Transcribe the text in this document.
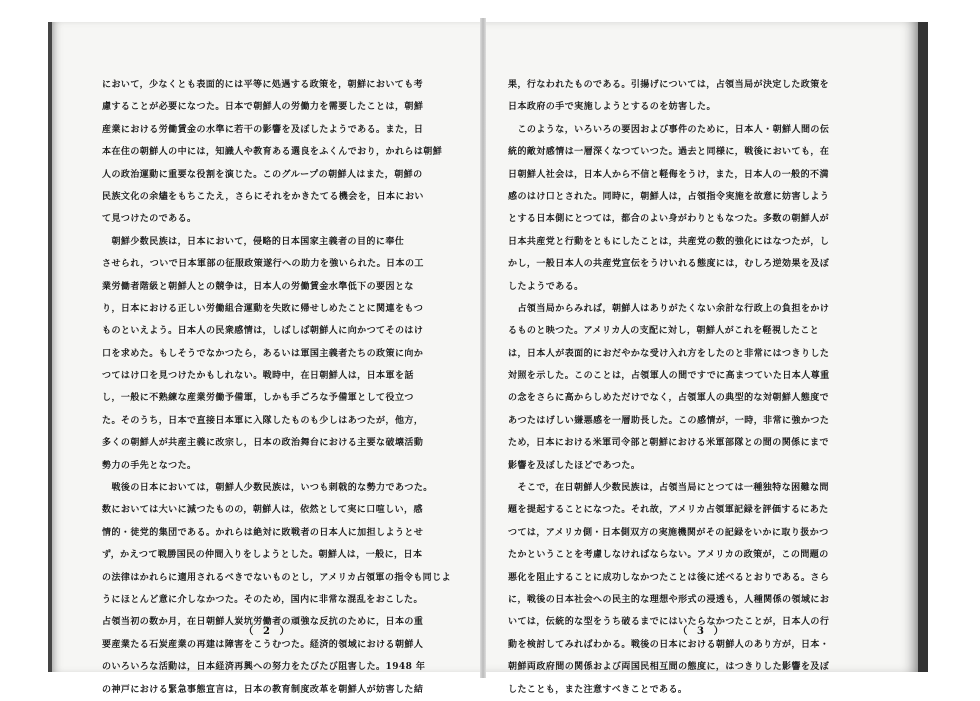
において，少なくとも表面的には平等に処遇する政策を，朝鮮においても考
慮することが必要になつた。日本で朝鮮人の労働力を需要したことは，朝鮮
産業における労働賃金の水準に若干の影響を及ぼしたようである。また，日
本在住の朝鮮人の中には，知識人や教育ある選良をふくんでおり，かれらは朝鮮
人の政治運動に重要な役割を演じた。このグループの朝鮮人はまた，朝鮮の
民族文化の余燼をもちこたえ，さらにそれをかきたてる機会を，日本におい
て見つけたのである。
　朝鮮少数民族は，日本において，侵略的日本国家主義者の目的に奉仕
させられ，ついで日本軍部の征服政策遂行への助力を強いられた。日本の工
業労働者階級と朝鮮人との競争は，日本人の労働賃金水準低下の要因とな
り，日本における正しい労働組合運動を失敗に帰せしめたことに関連をもつ
ものといえよう。日本人の民衆感情は，しばしば朝鮮人に向かつてそのはけ
口を求めた。もしそうでなかつたら，あるいは軍国主義者たちの政策に向か
つてはけ口を見つけたかもしれない。戦時中，在日朝鮮人は，日本軍を話
し，一般に不熟練な産業労働予備軍，しかも手ごろな予備軍として役立つ
た。そのうち，日本で直接日本軍に入隊したものも少しはあつたが，他方，
多くの朝鮮人が共産主義に改宗し，日本の政治舞台における主要な破壊活動
勢力の手先となつた。
　戦後の日本においては，朝鮮人少数民族は，いつも刺戟的な勢力であつた。
数においては大いに減つたものの，朝鮮人は，依然として実に口喧しい，感
情的・徒党的集団である。かれらは絶対に敗戦者の日本人に加担しようとせ
ず，かえつて戦勝国民の仲間入りをしようとした。朝鮮人は，一般に，日本
の法律はかれらに適用されるべきでないものとし，アメリカ占領軍の指令も同じよ
うにほとんど意に介しなかつた。そのため，国内に非常な混乱をおこした。
占領当初の数か月，在日朝鮮人炭坑労働者の頑強な反抗のために，日本の重
要産業たる石炭産業の再建は障害をこうむつた。経済的領域における朝鮮人
のいろいろな活動は，日本経済再興への努力をたびたび阻害した。1948 年
の神戸における緊急事態宣言は，日本の教育制度改革を朝鮮人が妨害した結
（ 2 ）
果，行なわれたものである。引揚げについては，占領当局が決定した政策を
日本政府の手で実施しようとするのを妨害した。
　このような，いろいろの要因および事件のために，日本人・朝鮮人間の伝
統的敵対感情は一層深くなつていつた。過去と同様に，戦後においても，在
日朝鮮人社会は，日本人から不信と軽侮をうけ，また，日本人の一般的不満
感のはけ口とされた。同時に，朝鮮人は，占領指令実施を故意に妨害しよう
とする日本側にとつては，都合のよい身がわりともなつた。多数の朝鮮人が
日本共産党と行動をともにしたことは，共産党の数的強化にはなつたが，し
かし，一般日本人の共産党宣伝をうけいれる態度には，むしろ逆効果を及ぼ
したようである。
　占領当局からみれば，朝鮮人はありがたくない余計な行政上の負担をかけ
るものと映つた。アメリカ人の支配に対し，朝鮮人がこれを軽視したこと
は，日本人が表面的におだやかな受け入れ方をしたのと非常にはつきりした
対照を示した。このことは，占領軍人の間ですでに高まつていた日本人尊重
の念をさらに高からしめただけでなく，占領軍人の典型的な対朝鮮人態度で
あつたはげしい嫌悪感を一層助長した。この感情が，一時，非常に強かつた
ため，日本における米軍司令部と朝鮮における米軍部隊との間の関係にまで
影響を及ぼしたほどであつた。
　そこで，在日朝鮮人少数民族は，占領当局にとつては一種独特な困難な問
題を提起することになつた。それ故，アメリカ占領軍記録を評価するにあた
つては，アメリカ側・日本側双方の実施機関がその記録をいかに取り扱かつ
たかということを考慮しなければならない。アメリカの政策が，この問題の
悪化を阻止することに成功しなかつたことは後に述べるとおりである。さら
に，戦後の日本社会への民主的な理想や形式の浸透も，人種関係の領域にお
いては，伝統的な型をうち破るまでにはいたらなかつたことが，日本人の行
動を検討してみればわかる。戦後の日本における朝鮮人のあり方が，日本・
朝鮮両政府間の関係および両国民相互間の態度に，はつきりした影響を及ぼ
したことも，また注意すべきことである。
（ 3 ）
